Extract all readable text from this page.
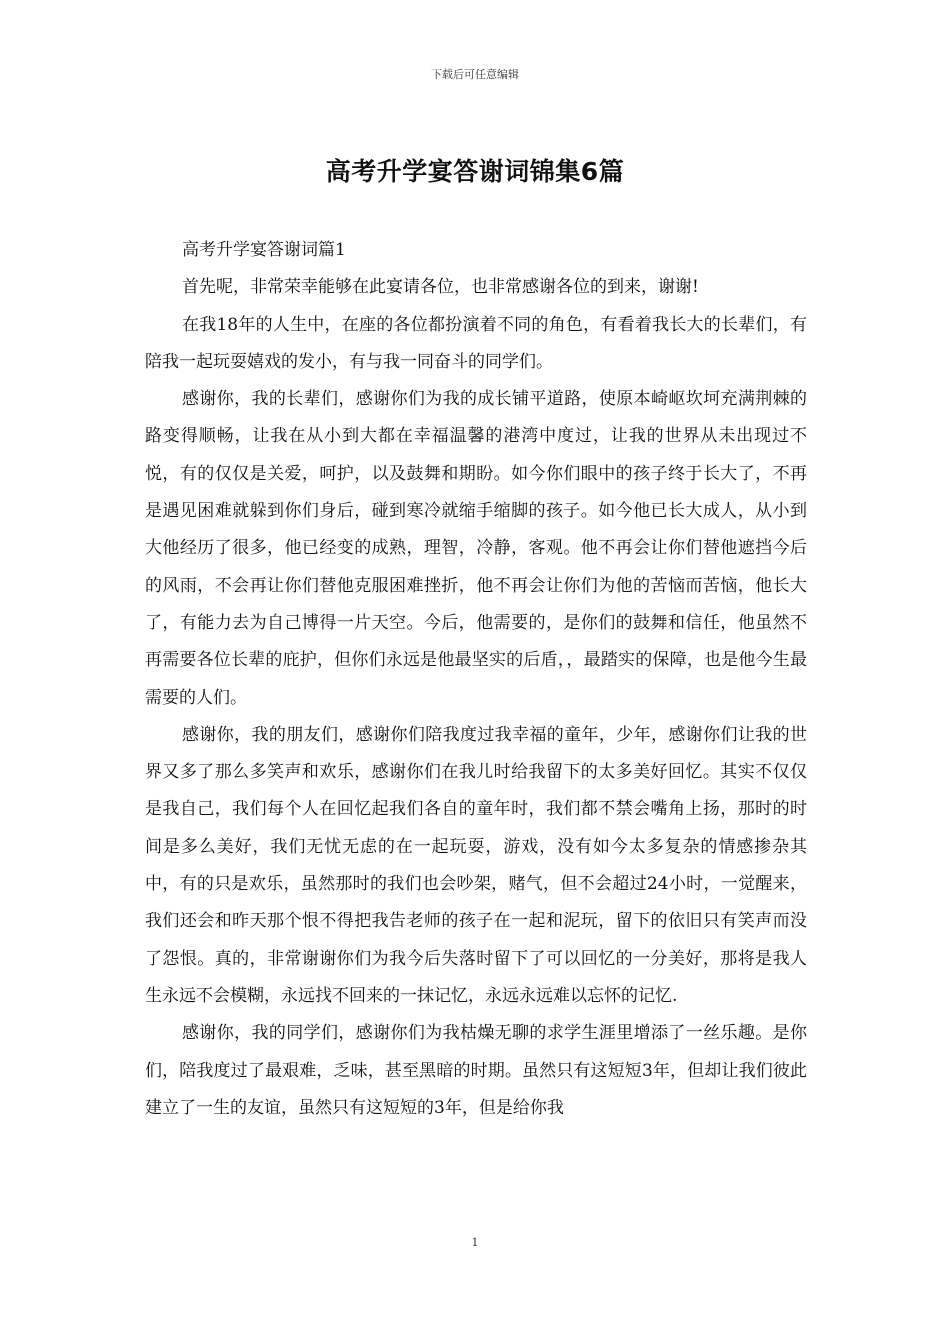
下载后可任意编辑
高考升学宴答谢词锦集6篇

高考升学宴答谢词篇1

首先呢，非常荣幸能够在此宴请各位，也非常感谢各位的到来，谢谢!

在我18年的人生中，在座的各位都扮演着不同的角色，有看着我长大的长辈们，有陪我一起玩耍嬉戏的发小，有与我一同奋斗的同学们。

感谢你，我的长辈们，感谢你们为我的成长铺平道路，使原本崎岖坎坷充满荆棘的路变得顺畅，让我在从小到大都在幸福温馨的港湾中度过，让我的世界从未出现过不悦，有的仅仅是关爱，呵护，以及鼓舞和期盼。如今你们眼中的孩子终于长大了，不再是遇见困难就躲到你们身后，碰到寒冷就缩手缩脚的孩子。如今他已长大成人，从小到大他经历了很多，他已经变的成熟，理智，冷静，客观。他不再会让你们替他遮挡今后的风雨，不会再让你们替他克服困难挫折，他不再会让你们为他的苦恼而苦恼，他长大了，有能力去为自己博得一片天空。今后，他需要的，是你们的鼓舞和信任，他虽然不再需要各位长辈的庇护，但你们永远是他最坚实的后盾，，最踏实的保障，也是他今生最需要的人们。

感谢你，我的朋友们，感谢你们陪我度过我幸福的童年，少年，感谢你们让我的世界又多了那么多笑声和欢乐，感谢你们在我儿时给我留下的太多美好回忆。其实不仅仅是我自己，我们每个人在回忆起我们各自的童年时，我们都不禁会嘴角上扬，那时的时间是多么美好，我们无忧无虑的在一起玩耍，游戏，没有如今太多复杂的情感掺杂其中，有的只是欢乐，虽然那时的我们也会吵架，赌气，但不会超过24小时，一觉醒来，我们还会和昨天那个恨不得把我告老师的孩子在一起和泥玩，留下的依旧只有笑声而没了怨恨。真的，非常谢谢你们为我今后失落时留下了可以回忆的一分美好，那将是我人生永远不会模糊，永远找不回来的一抹记忆，永远永远难以忘怀的记忆.

感谢你，我的同学们，感谢你们为我枯燥无聊的求学生涯里增添了一丝乐趣。是你们，陪我度过了最艰难，乏味，甚至黑暗的时期。虽然只有这短短3年，但却让我们彼此建立了一生的友谊，虽然只有这短短的3年，但是给你我

1
